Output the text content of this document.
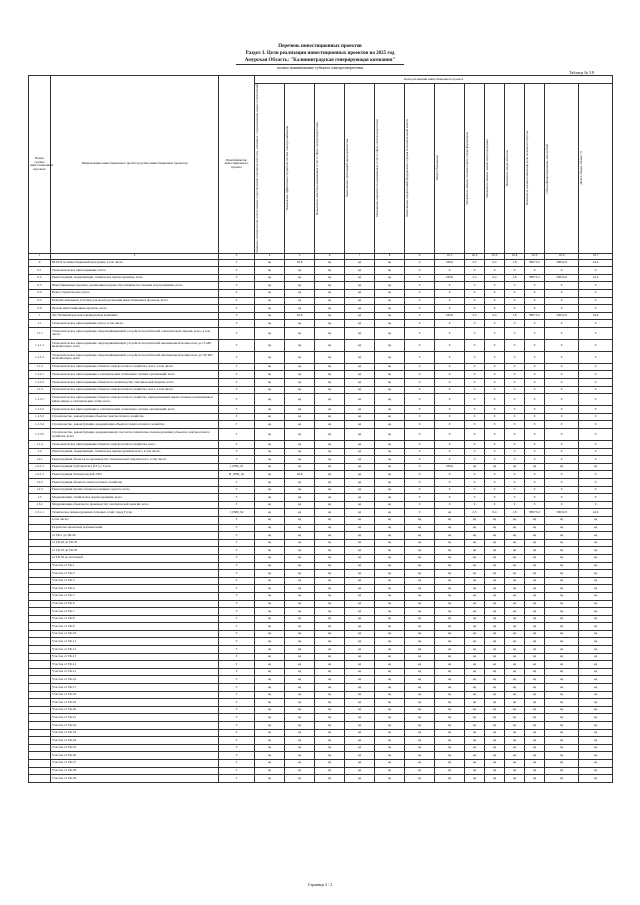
Перечень инвестиционных проектов
Раздел 3. Цели реализации инвестиционных проектов на 2025 год
Амурская Область: "Калининградская генерирующая компания"
полное наименование субъекта электроэнергетики
Таблица № 3.8
Номер группы инвестиционных проектов	Наименование инвестиционного проекта (группы инвестиционных проектов)	Идентификатор инвестиционного проекта	Цели реализации инвестиционного проекта												

			Развитие электрической сети/усиление существующей электрической сети, связанное с подключением новых потребителей	Повышение эффективности работы систем электроснабжения	Повышение качества оказываемых услуг в сфере электроэнергетики	Выполнение требований законодательства	Повышение надежности оказываемых услуг в сфере электроэнергетики	Выполнение предписаний федерального органа исполнительной власти	Энергосбережение	Показатель замены силовых (авто-) трансформаторов	Показатель замены линий электропередачи	Показатель ввода объектов	Показатель оценки изменения доли полезного отпуска	Объем финансирования, млн рублей	Доля в общем объеме, %

1	2	3	4	5	6	7	8	9	10.1	10.2	10.3	10.4	10.5	10.6	10.7
0	ВСЕГО по инвестиционной программе, в том числе:	Г	нд	26,8	нд	нд	нд	0	189,9	2,5	0,4	1,8	88575,2	59652,8	24,6
0.1	Технологическое присоединение, всего	Г	нд	нд	нд	нд	нд	0	0	0	0	0	0	0	0
0.2	Реконструкция, модернизация, техническое перевооружение, всего	Г	нд	нд	нд	нд	нд	0	189,9	2,5	0,4	1,8	88575,2	59652,8	24,6
0.3	Инвестиционные проекты, реализация которых обуславливается схемами и программами, всего	Г	нд	нд	нд	нд	нд	0	0	0	0	0	0	0	0
0.4	Новое строительство, всего	Г	нд	нд	нд	нд	нд	0	0	0	0	0	0	0	0
0.5	Покупка земельных участков для целей реализации инвестиционных проектов, всего	Г	нд	нд	нд	нд	нд	0	0	0	0	0	0	0	0
0.6	Прочие инвестиционные проекты, всего	Г	нд	нд	нд	нд	нд	0	0	0	0	0	0	0	0
1	АО "Калининградская генерирующая компания"	Г	нд	26,8	нд	нд	нд	0	189,9	2,5	0,4	1,8	88575,2	59652,8	24,6
1.1	Технологическое присоединение, всего, в том числе:	Г	нд	нд	нд	нд	нд	0	0	0	0	0	0	0	0
1.1.1	Технологическое присоединение энергопринимающих устройств потребителей электрической энергии, всего, в том числе:	Г	нд	нд	нд	нд	нд	0	0	0	0	0	0	0	0
1.1.1.1	Технологическое присоединение энергопринимающих устройств потребителей максимальной мощностью до 15 кВт включительно, всего	Г	нд	нд	нд	нд	нд	0	0	0	0	0	0	0	0
1.1.1.2	Технологическое присоединение энергопринимающих устройств потребителей максимальной мощностью до 150 кВт включительно, всего	Г	нд	нд	нд	нд	нд	0	0	0	0	0	0	0	0
1.1.2	Технологическое присоединение объектов электросетевого хозяйства, всего, в том числе:	Г	нд	нд	нд	нд	нд	0	0	0	0	0	0	0	0
1.1.2.1	Технологическое присоединение к электрическим сетям иных сетевых организаций, всего	Г	нд	нд	нд	нд	нд	0	0	0	0	0	0	0	0
1.1.2.2	Технологическое присоединение объектов по производству электрической энергии, всего	Г	нд	нд	нд	нд	нд	0	0	0	0	0	0	0	0
1.1.3	Технологическое присоединение объектов электросетевого хозяйства, всего, в том числе:	Г	нд	нд	нд	нд	нд	0	0	0	0	0	0	0	0
1.1.3.1	Технологическое присоединение объектов электросетевого хозяйства, принадлежащих иным сетевым организациям и иным лицам, к электрическим сетям, всего	Г	нд	нд	нд	нд	нд	0	0	0	0	0	0	0	0
1.1.3.2	Технологическое присоединение к электрическим сетям иных сетевых организаций, всего	Г	нд	нд	нд	нд	нд	0	0	0	0	0	0	0	0
1.1.3.3	Строительство, реконструкция объектов электросетевого хозяйства	Г	нд	нд	нд	нд	нд	0	0	0	0	0	0	0	0
1.1.3.4	Строительство, реконструкция, модернизация объектов электросетевого хозяйства	Г	нд	нд	нд	нд	нд	0	0	0	0	0	0	0	0
1.1.3.5	Строительство, реконструкция, модернизация (в том числе техническое перевооружение) объектов электросетевого хозяйства, всего	Г	нд	нд	нд	нд	нд	0	0	0	0	0	0	0	0
1.1.4	Технологическое присоединение объектов электросетевого хозяйства, всего	Г	нд	нд	нд	нд	нд	0	0	0	0	0	0	0	0
1.2	Реконструкция, модернизация, техническое перевооружение всего, в том числе:	Г	нд	нд	нд	нд	нд	0	0	0	0	0	0	0	0
1.2.1	Реконструкция объектов по производству электрической энергии всего, в том числе:	Г	нд	нд	нд	нд	нд	0	0	0	0	0	0	0	0
1.2.1.1	Реконструкция турбоагрегата (ТГ), г. Гусев	J_0586_91	нд	нд	нд	нд	нд	0	189,9	нд	нд	нд	нд	нд	нд
1.2.1.2	Реконструкция Зеленоградской ТЭЦ	H_0586_02	нд	26,8	нд	нд	нд	0	0	0	0	0	0	0	0
1.2.2	Реконструкция объектов электросетевого хозяйства	Г	нд	нд	нд	нд	нд	0	0	0	0	0	0	0	0
1.2.3	Реконструкция прочих объектов основных средств, всего	Г	нд	нд	нд	нд	нд	0	0	0	0	0	0	0	0
1.3	Модернизация, техническое перевооружение, всего	Г	нд	нд	нд	нд	нд	0	0	0	0	0	0	0	0
1.3.1	Модернизация объектов по производству электрической энергии, всего	Г	нд	нд	нд	нд	нд	0	0	0	0	0	0	0	0
1.3.1.1	Техническое перевооружение тепловых сетей, город Гусев	J_0586_92	нд	нд	нд	нд	нд	0	нд	2,5	0,4	1,8	88575,2	59652,8	24,6
	в том числе:	Г	нд	нд	нд	нд	нд	нд	нд	нд	нд	нд	нд	нд	нд
	Разработка проектной документации	Г	нд	нд	нд	нд	нд	нд	нд	нд	нд	нд	нд	нд	нд
	от ТК-1 до ТК-20	Г	нд	нд	нд	нд	нд	нд	нд	нд	нд	нд	нд	нд	нд
	от ТК-20 до ТК-35	Г	нд	нд	нд	нд	нд	нд	нд	нд	нд	нд	нд	нд	нд
	от ТК-35 до ТК-50	Г	нд	нд	нд	нд	нд	нд	нд	нд	нд	нд	нд	нд	нд
	от ТК-50 до котельной	Г	нд	нд	нд	нд	нд	нд	нд	нд	нд	нд	нд	нд	нд
	Участок от ТК-1	Г	нд	нд	нд	нд	нд	нд	нд	нд	нд	нд	нд	нд	нд
	Участок от ТК-2	Г	нд	нд	нд	нд	нд	нд	нд	нд	нд	нд	нд	нд	нд
	Участок от ТК-3	Г	нд	нд	нд	нд	нд	нд	нд	нд	нд	нд	нд	нд	нд
	Участок от ТК-4	Г	нд	нд	нд	нд	нд	нд	нд	нд	нд	нд	нд	нд	нд
	Участок от ТК-5	Г	нд	нд	нд	нд	нд	нд	нд	нд	нд	нд	нд	нд	нд
	Участок от ТК-6	Г	нд	нд	нд	нд	нд	нд	нд	нд	нд	нд	нд	нд	нд
	Участок от ТК-7	Г	нд	нд	нд	нд	нд	нд	нд	нд	нд	нд	нд	нд	нд
	Участок от ТК-8	Г	нд	нд	нд	нд	нд	нд	нд	нд	нд	нд	нд	нд	нд
	Участок от ТК-9	Г	нд	нд	нд	нд	нд	нд	нд	нд	нд	нд	нд	нд	нд
	Участок от ТК-10	Г	нд	нд	нд	нд	нд	нд	нд	нд	нд	нд	нд	нд	нд
	Участок от ТК-11	Г	нд	нд	нд	нд	нд	нд	нд	нд	нд	нд	нд	нд	нд
	Участок от ТК-12	Г	нд	нд	нд	нд	нд	нд	нд	нд	нд	нд	нд	нд	нд
	Участок от ТК-13	Г	нд	нд	нд	нд	нд	нд	нд	нд	нд	нд	нд	нд	нд
	Участок от ТК-14	Г	нд	нд	нд	нд	нд	нд	нд	нд	нд	нд	нд	нд	нд
	Участок от ТК-15	Г	нд	нд	нд	нд	нд	нд	нд	нд	нд	нд	нд	нд	нд
	Участок от ТК-16	Г	нд	нд	нд	нд	нд	нд	нд	нд	нд	нд	нд	нд	нд
	Участок от ТК-17	Г	нд	нд	нд	нд	нд	нд	нд	нд	нд	нд	нд	нд	нд
	Участок от ТК-18	Г	нд	нд	нд	нд	нд	нд	нд	нд	нд	нд	нд	нд	нд
	Участок от ТК-19	Г	нд	нд	нд	нд	нд	нд	нд	нд	нд	нд	нд	нд	нд
	Участок от ТК-20	Г	нд	нд	нд	нд	нд	нд	нд	нд	нд	нд	нд	нд	нд
	Участок от ТК-21	Г	нд	нд	нд	нд	нд	нд	нд	нд	нд	нд	нд	нд	нд
	Участок от ТК-22	Г	нд	нд	нд	нд	нд	нд	нд	нд	нд	нд	нд	нд	нд
	Участок от ТК-23	Г	нд	нд	нд	нд	нд	нд	нд	нд	нд	нд	нд	нд	нд
	Участок от ТК-24	Г	нд	нд	нд	нд	нд	нд	нд	нд	нд	нд	нд	нд	нд
	Участок от ТК-25	Г	нд	нд	нд	нд	нд	нд	нд	нд	нд	нд	нд	нд	нд
	Участок от ТК-26	Г	нд	нд	нд	нд	нд	нд	нд	нд	нд	нд	нд	нд	нд
	Участок от ТК-27	Г	нд	нд	нд	нд	нд	нд	нд	нд	нд	нд	нд	нд	нд
	Участок от ТК-28	Г	нд	нд	нд	нд	нд	нд	нд	нд	нд	нд	нд	нд	нд
	Участок от ТК-29	Г	нд	нд	нд	нд	нд	нд	нд	нд	нд	нд	нд	нд	нд
Страница 2 / 2
